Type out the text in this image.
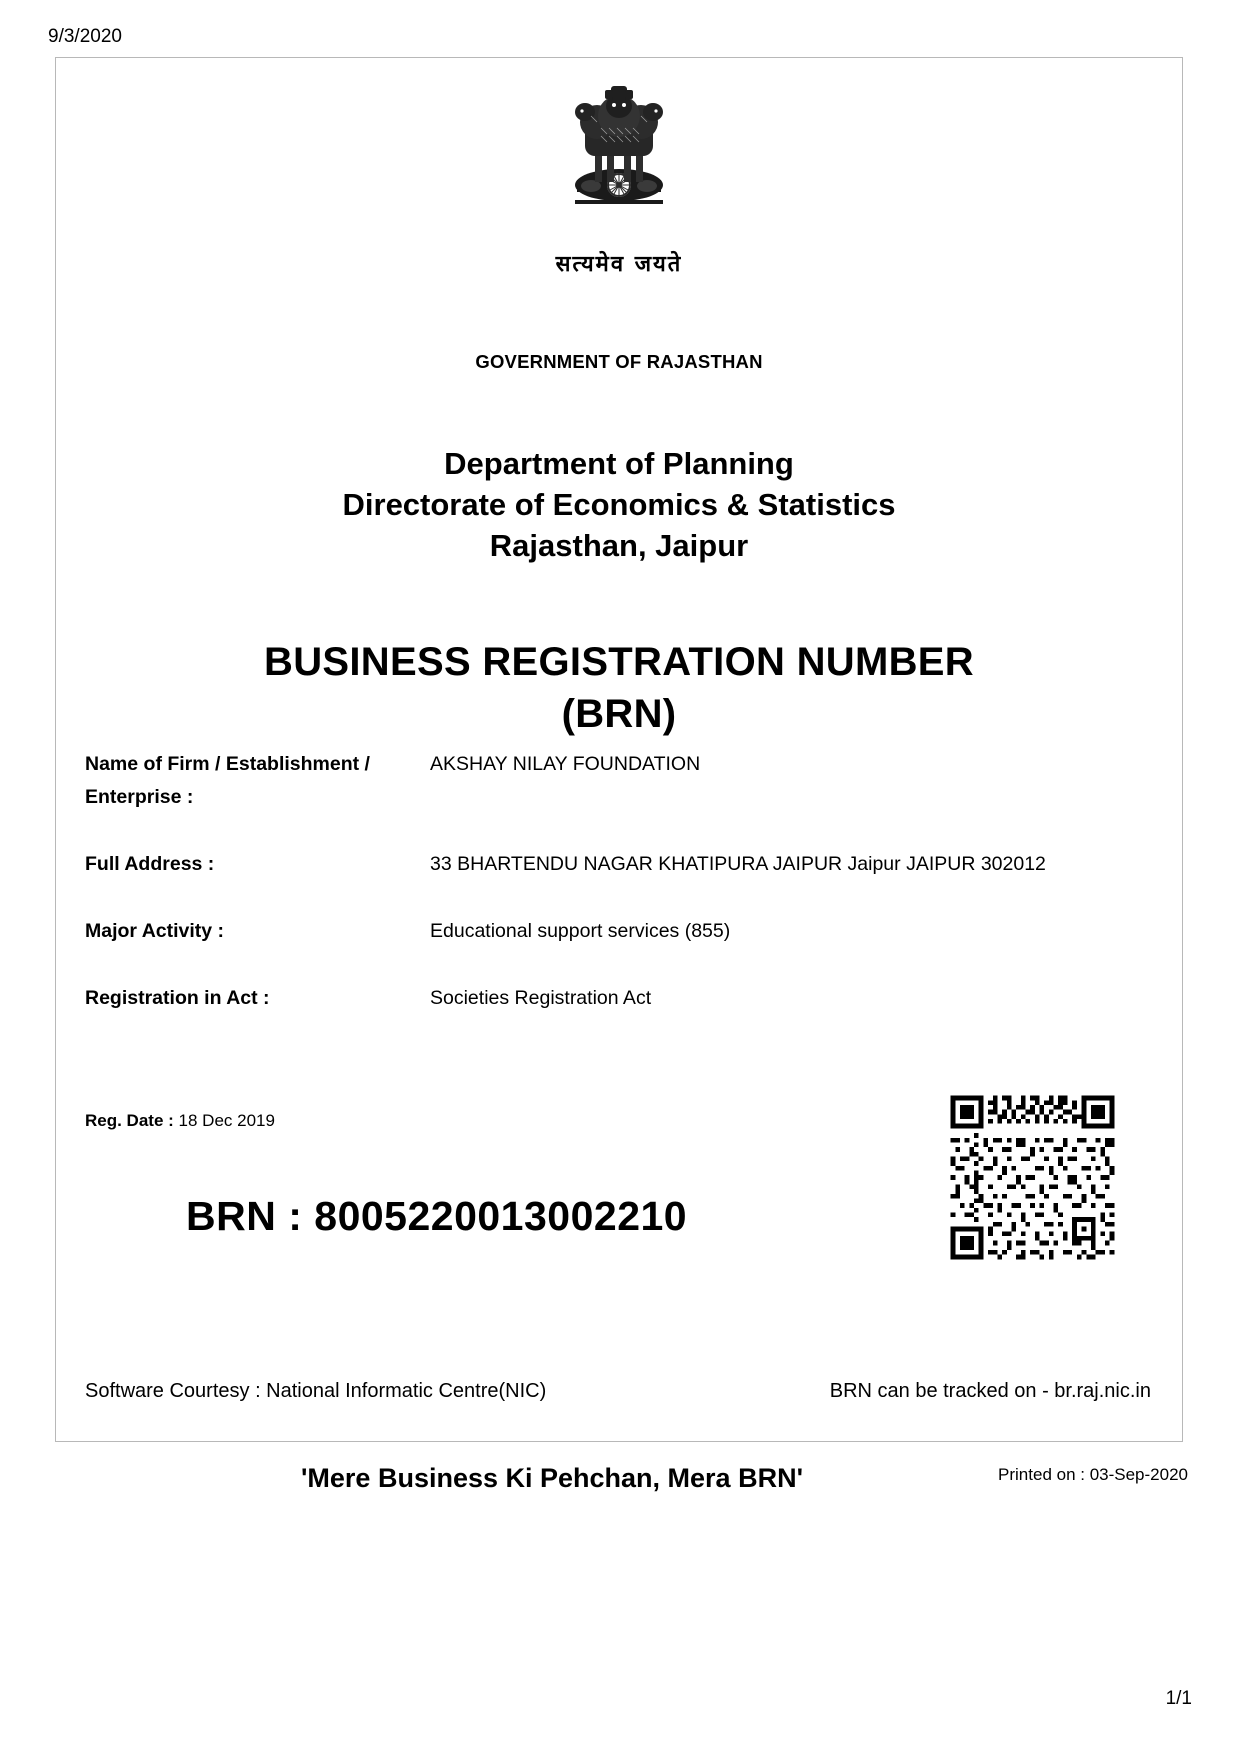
9/3/2020
सत्यमेव जयते
GOVERNMENT OF RAJASTHAN
Department of Planning
Directorate of Economics & Statistics
Rajasthan, Jaipur
BUSINESS REGISTRATION NUMBER
(BRN)
Name of Firm / Establishment / Enterprise :
AKSHAY NILAY FOUNDATION
Full Address :	33 BHARTENDU NAGAR KHATIPURA JAIPUR Jaipur JAIPUR 302012
Major Activity :	Educational support services (855)
Registration in Act :	Societies Registration Act
Reg. Date : 18 Dec 2019
BRN : 8005220013002210
Software Courtesy : National Informatic Centre(NIC)	BRN can be tracked on - br.raj.nic.in
'Mere Business Ki Pehchan, Mera BRN'	Printed on : 03-Sep-2020
1/1
